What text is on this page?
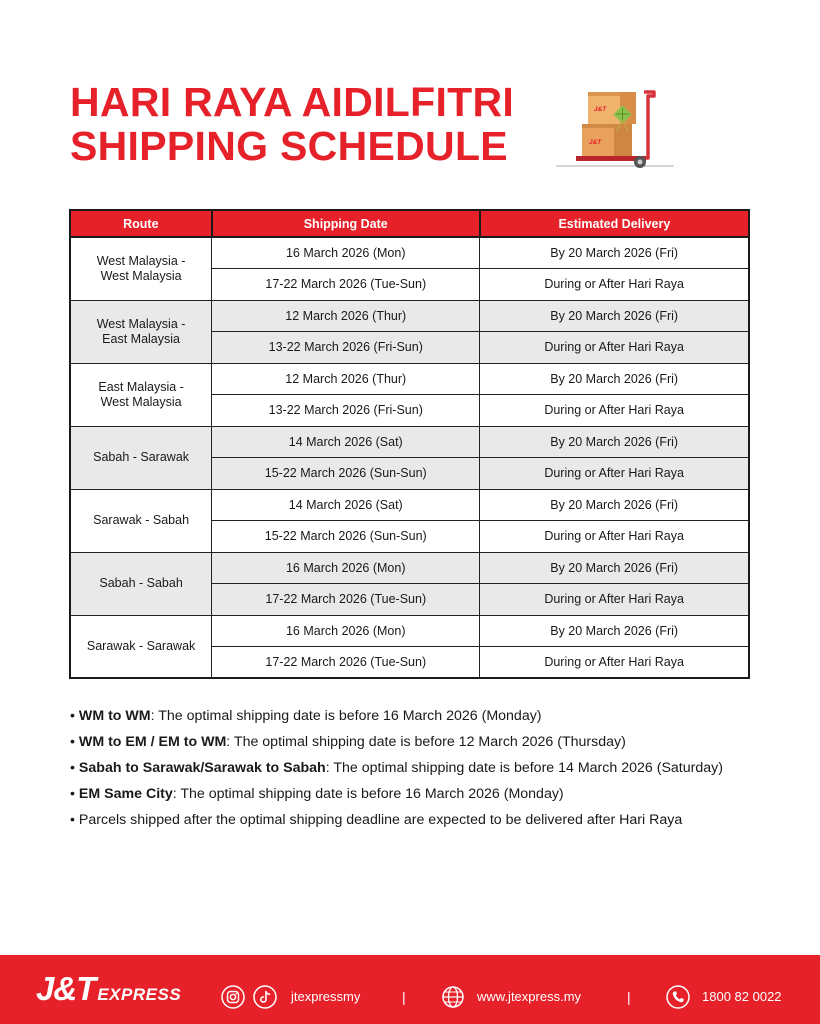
HARI RAYA AIDILFITRI
SHIPPING SCHEDULE	J&T
J&T
Route	Shipping Date	Estimated Delivery
West Malaysia -
West Malaysia	16 March 2026 (Mon)	By 20 March 2026 (Fri)
	17-22 March 2026 (Tue-Sun)	During or After Hari Raya
West Malaysia -
East Malaysia	12 March 2026 (Thur)	By 20 March 2026 (Fri)
	13-22 March 2026 (Fri-Sun)	During or After Hari Raya
East Malaysia -
West Malaysia	12 March 2026 (Thur)	By 20 March 2026 (Fri)
	13-22 March 2026 (Fri-Sun)	During or After Hari Raya
Sabah - Sarawak	14 March 2026 (Sat)	By 20 March 2026 (Fri)
	15-22 March 2026 (Sun-Sun)	During or After Hari Raya
Sarawak - Sabah	14 March 2026 (Sat)	By 20 March 2026 (Fri)
	15-22 March 2026 (Sun-Sun)	During or After Hari Raya
Sabah - Sabah	16 March 2026 (Mon)	By 20 March 2026 (Fri)
	17-22 March 2026 (Tue-Sun)	During or After Hari Raya
Sarawak - Sarawak	16 March 2026 (Mon)	By 20 March 2026 (Fri)
	17-22 March 2026 (Tue-Sun)	During or After Hari Raya
• WM to WM: The optimal shipping date is before 16 March 2026 (Monday)
• WM to EM / EM to WM: The optimal shipping date is before 12 March 2026 (Thursday)
• Sabah to Sarawak/Sarawak to Sabah: The optimal shipping date is before 14 March 2026 (Saturday)
• EM Same City: The optimal shipping date is before 16 March 2026 (Monday)
• Parcels shipped after the optimal shipping deadline are expected to be delivered after Hari Raya
J&T EXPRESS	jtexpressmy	|	www.jtexpress.my	|	1800 82 0022
